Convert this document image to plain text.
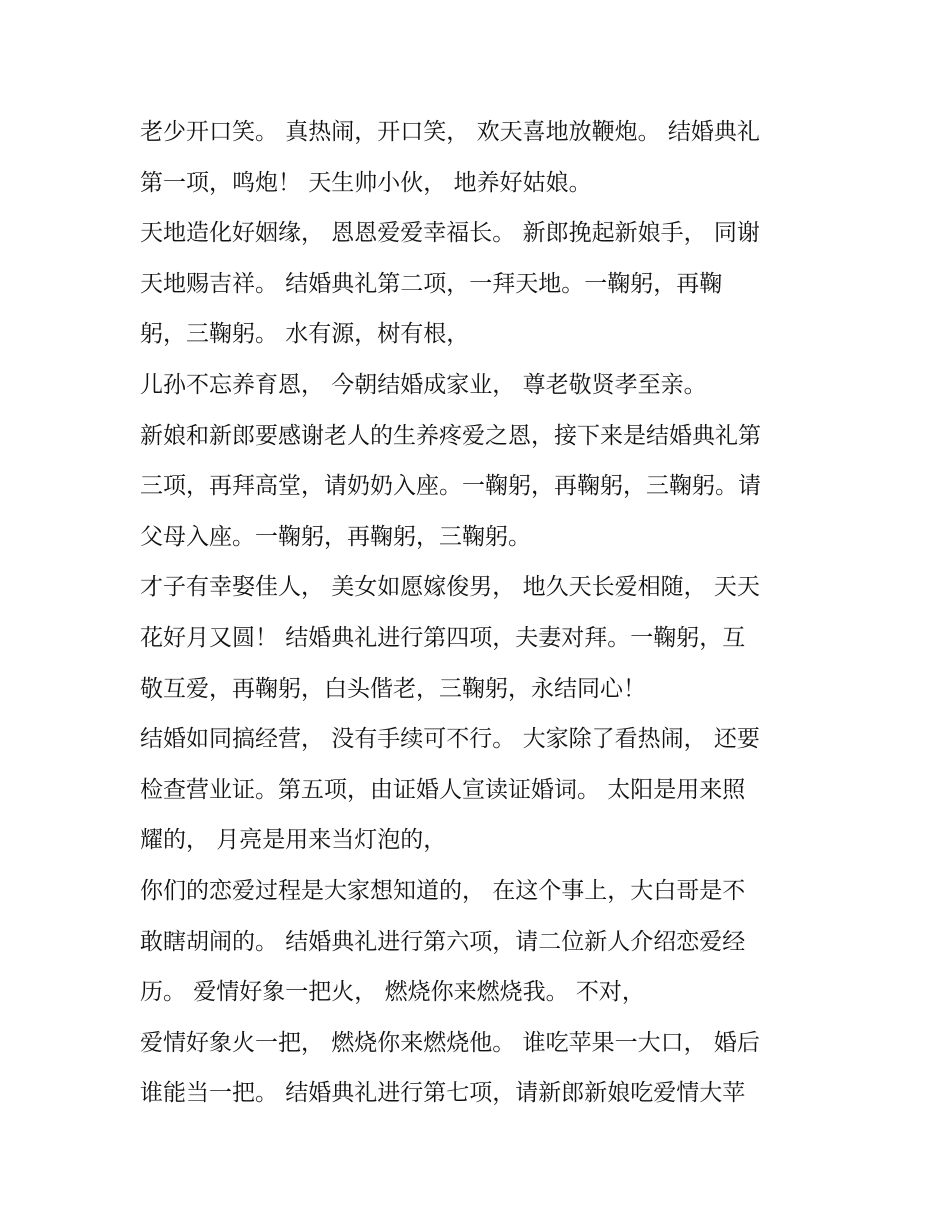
老少开口笑。 真热闹，开口笑， 欢天喜地放鞭炮。 结婚典礼
第一项，鸣炮！ 天生帅小伙， 地养好姑娘。
天地造化好姻缘， 恩恩爱爱幸福长。 新郎挽起新娘手， 同谢
天地赐吉祥。 结婚典礼第二项，一拜天地。一鞠躬，再鞠
躬，三鞠躬。 水有源，树有根，
儿孙不忘养育恩， 今朝结婚成家业， 尊老敬贤孝至亲。
新娘和新郎要感谢老人的生养疼爱之恩，接下来是结婚典礼第
三项，再拜高堂，请奶奶入座。一鞠躬，再鞠躬，三鞠躬。请
父母入座。一鞠躬，再鞠躬，三鞠躬。
才子有幸娶佳人， 美女如愿嫁俊男， 地久天长爱相随， 天天
花好月又圆！ 结婚典礼进行第四项，夫妻对拜。一鞠躬，互
敬互爱，再鞠躬，白头偕老，三鞠躬，永结同心！
结婚如同搞经营， 没有手续可不行。 大家除了看热闹， 还要
检查营业证。第五项，由证婚人宣读证婚词。 太阳是用来照
耀的， 月亮是用来当灯泡的，
你们的恋爱过程是大家想知道的， 在这个事上，大白哥是不
敢瞎胡闹的。 结婚典礼进行第六项，请二位新人介绍恋爱经
历。 爱情好象一把火， 燃烧你来燃烧我。 不对，
爱情好象火一把， 燃烧你来燃烧他。 谁吃苹果一大口， 婚后
谁能当一把。 结婚典礼进行第七项，请新郎新娘吃爱情大苹
